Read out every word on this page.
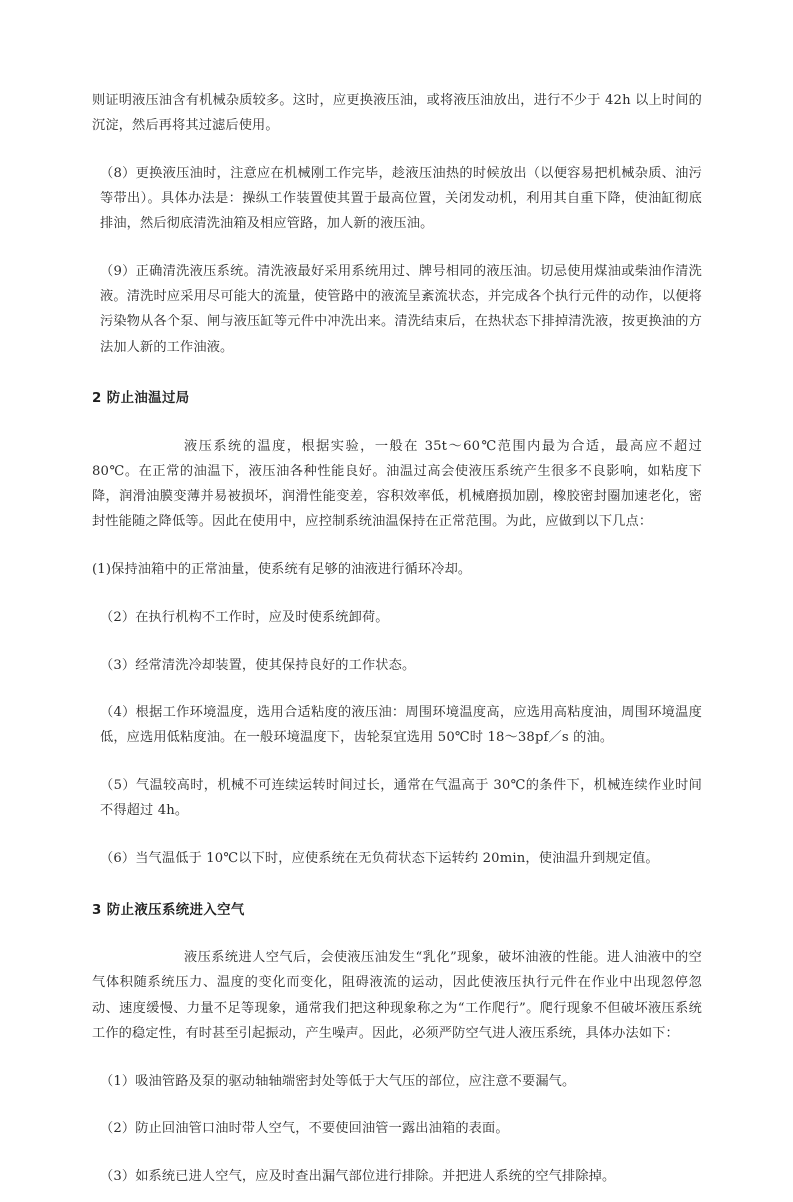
则证明液压油含有机械杂质较多。这时，应更换液压油，或将液压油放出，进行不少于 42h 以上时间的沉淀，然后再将其过滤后使用。

（8）更换液压油时，注意应在机械刚工作完毕，趁液压油热的时候放出（以便容易把机械杂质、油污等带出）。具体办法是：操纵工作装置使其置于最高位置，关闭发动机，利用其自重下降，使油缸彻底排油，然后彻底清洗油箱及相应管路，加人新的液压油。

（9）正确清洗液压系统。清洗液最好采用系统用过、牌号相同的液压油。切忌使用煤油或柴油作清洗液。清洗时应采用尽可能大的流量，使管路中的液流呈紊流状态，并完成各个执行元件的动作，以便将污染物从各个泵、闸与液压缸等元件中冲洗出来。清洗结束后，在热状态下排掉清洗液，按更换油的方法加人新的工作油液。

2 防止油温过局

液压系统的温度，根据实验，一般在 35t～60℃范围内最为合适，最高应不超过 80℃。在正常的油温下，液压油各种性能良好。油温过高会使液压系统产生很多不良影响，如粘度下降，润滑油膜变薄并易被损坏，润滑性能变差，容积效率低，机械磨损加剧，橡胶密封圈加速老化，密封性能随之降低等。因此在使用中，应控制系统油温保持在正常范围。为此，应做到以下几点：

(1)保持油箱中的正常油量，使系统有足够的油液进行循环冷却。

（2）在执行机构不工作时，应及时使系统卸荷。

（3）经常清洗冷却装置，使其保持良好的工作状态。

（4）根据工作环境温度，选用合适粘度的液压油：周围环境温度高，应选用高粘度油，周围环境温度低，应选用低粘度油。在一般环境温度下，齿轮泵宜选用 50℃时 18～38pf／s 的油。

（5）气温较高时，机械不可连续运转时间过长，通常在气温高于 30℃的条件下，机械连续作业时间不得超过 4h。

（6）当气温低于 10℃以下时，应使系统在无负荷状态下运转约 20min，使油温升到规定值。

3 防止液压系统进入空气

液压系统进人空气后，会使液压油发生“乳化”现象，破坏油液的性能。进人油液中的空气体积随系统压力、温度的变化而变化，阻碍液流的运动，因此使液压执行元件在作业中出现忽停忽动、速度缓慢、力量不足等现象，通常我们把这种现象称之为“工作爬行”。爬行现象不但破坏液压系统工作的稳定性，有时甚至引起振动，产生噪声。因此，必须严防空气进人液压系统，具体办法如下：

（1）吸油管路及泵的驱动轴轴端密封处等低于大气压的部位，应注意不要漏气。

（2）防止回油管口油时带人空气，不要使回油管一露出油箱的表面。

（3）如系统已进人空气，应及时查出漏气部位进行排除。并把进人系统的空气排除掉。
